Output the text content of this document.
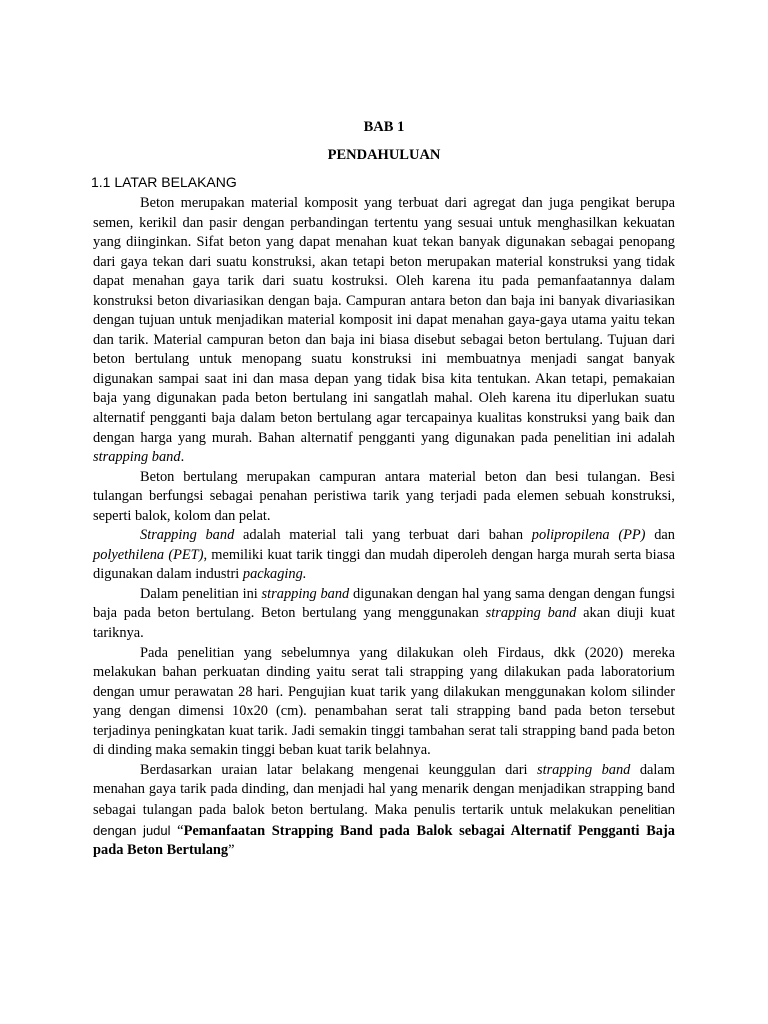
BAB 1
PENDAHULUAN
1.1 LATAR BELAKANG

Beton merupakan material komposit yang terbuat dari agregat dan juga pengikat berupa semen, kerikil dan pasir dengan perbandingan tertentu yang sesuai untuk menghasilkan kekuatan yang diinginkan. Sifat beton yang dapat menahan kuat tekan banyak digunakan sebagai penopang dari gaya tekan dari suatu konstruksi, akan tetapi beton merupakan material konstruksi yang tidak dapat menahan gaya tarik dari suatu kostruksi. Oleh karena itu pada pemanfaatannya dalam konstruksi beton divariasikan dengan baja. Campuran antara beton dan baja ini banyak divariasikan dengan tujuan untuk menjadikan material komposit ini dapat menahan gaya-gaya utama yaitu tekan dan tarik. Material campuran beton dan baja ini biasa disebut sebagai beton bertulang. Tujuan dari beton bertulang untuk menopang suatu konstruksi ini membuatnya menjadi sangat banyak digunakan sampai saat ini dan masa depan yang tidak bisa kita tentukan. Akan tetapi, pemakaian baja yang digunakan pada beton bertulang ini sangatlah mahal. Oleh karena itu diperlukan suatu alternatif pengganti baja dalam beton bertulang agar tercapainya kualitas konstruksi yang baik dan dengan harga yang murah. Bahan alternatif pengganti yang digunakan pada penelitian ini adalah strapping band.

Beton bertulang merupakan campuran antara material beton dan besi tulangan. Besi tulangan berfungsi sebagai penahan peristiwa tarik yang terjadi pada elemen sebuah konstruksi, seperti balok, kolom dan pelat.

Strapping band adalah material tali yang terbuat dari bahan polipropilena (PP) dan polyethilena (PET), memiliki kuat tarik tinggi dan mudah diperoleh dengan harga murah serta biasa digunakan dalam industri packaging.

Dalam penelitian ini strapping band digunakan dengan hal yang sama dengan dengan fungsi baja pada beton bertulang. Beton bertulang yang menggunakan strapping band akan diuji kuat tariknya.

Pada penelitian yang sebelumnya yang dilakukan oleh Firdaus, dkk (2020) mereka melakukan bahan perkuatan dinding yaitu serat tali strapping yang dilakukan pada laboratorium dengan umur perawatan 28 hari. Pengujian kuat tarik yang dilakukan menggunakan kolom silinder yang dengan dimensi 10x20 (cm). penambahan serat tali strapping band pada beton tersebut terjadinya peningkatan kuat tarik. Jadi semakin tinggi tambahan serat tali strapping band pada beton di dinding maka semakin tinggi beban kuat tarik belahnya.

Berdasarkan uraian latar belakang mengenai keunggulan dari strapping band dalam menahan gaya tarik pada dinding, dan menjadi hal yang menarik dengan menjadikan strapping band sebagai tulangan pada balok beton bertulang. Maka penulis tertarik untuk melakukan penelitian dengan judul “Pemanfaatan Strapping Band pada Balok sebagai Alternatif Pengganti Baja pada Beton Bertulang”
